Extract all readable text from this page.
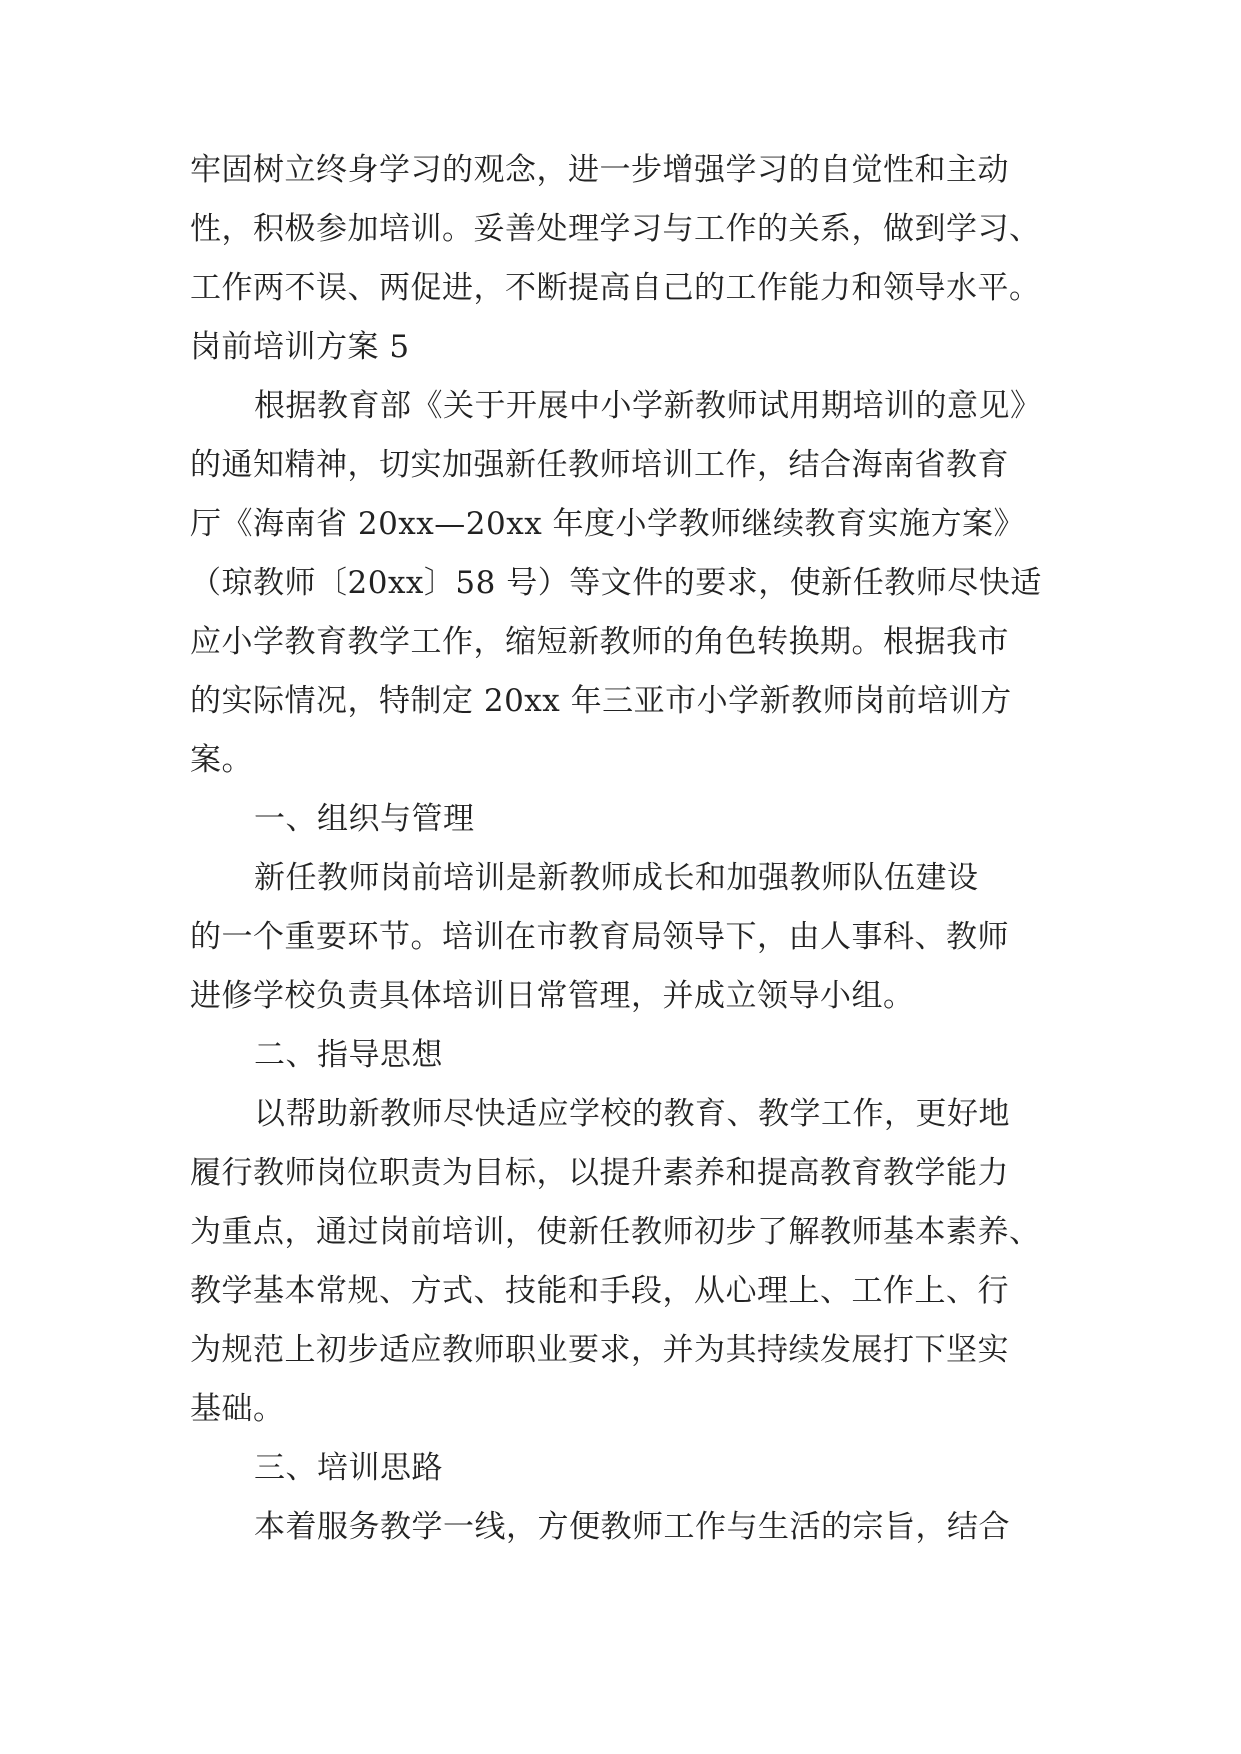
牢固树立终身学习的观念，进一步增强学习的自觉性和主动
性，积极参加培训。妥善处理学习与工作的关系，做到学习、
工作两不误、两促进，不断提高自己的工作能力和领导水平。
岗前培训方案 5
根据教育部《关于开展中小学新教师试用期培训的意见》
的通知精神，切实加强新任教师培训工作，结合海南省教育
厅《海南省 20xx—20xx 年度小学教师继续教育实施方案》
（琼教师〔20xx〕58 号）等文件的要求，使新任教师尽快适
应小学教育教学工作，缩短新教师的角色转换期。根据我市
的实际情况，特制定 20xx 年三亚市小学新教师岗前培训方
案。
一、组织与管理
新任教师岗前培训是新教师成长和加强教师队伍建设
的一个重要环节。培训在市教育局领导下，由人事科、教师
进修学校负责具体培训日常管理，并成立领导小组。
二、指导思想
以帮助新教师尽快适应学校的教育、教学工作，更好地
履行教师岗位职责为目标，以提升素养和提高教育教学能力
为重点，通过岗前培训，使新任教师初步了解教师基本素养、
教学基本常规、方式、技能和手段，从心理上、工作上、行
为规范上初步适应教师职业要求，并为其持续发展打下坚实
基础。
三、培训思路
本着服务教学一线，方便教师工作与生活的宗旨，结合
